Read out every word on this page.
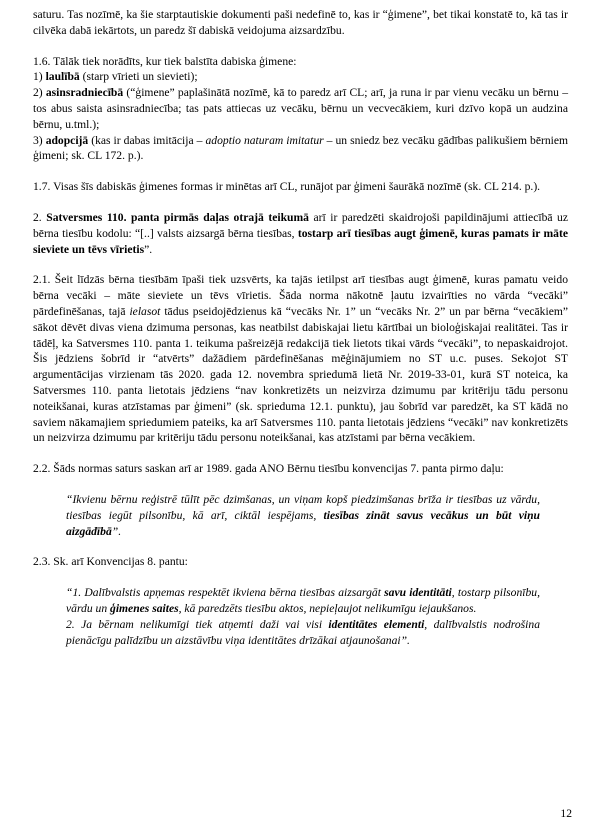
saturu. Tas nozīmē, ka šie starptautiskie dokumenti paši nedefinē to, kas ir “ģimene”, bet tikai konstatē to, kā tas ir cilvēka dabā iekārtots, un paredz šī dabiskā veidojuma aizsardzību.

1.6. Tālāk tiek norādīts, kur tiek balstīta dabiska ģimene:

1) laulībā (starp vīrieti un sievieti);

2) asinsradniecībā (“ģimene” paplašinātā nozīmē, kā to paredz arī CL; arī, ja runa ir par vienu vecāku un bērnu – tos abus saista asinsradniecība; tas pats attiecas uz vecāku, bērnu un vecvecākiem, kuri dzīvo kopā un audzina bērnu, u.tml.);

3) adopcijā (kas ir dabas imitācija – adoptio naturam imitatur – un sniedz bez vecāku gādības palikušiem bērniem ģimeni; sk. CL 172. p.).

1.7. Visas šīs dabiskās ģimenes formas ir minētas arī CL, runājot par ģimeni šaurākā nozīmē (sk. CL 214. p.).

2. Satversmes 110. panta pirmās daļas otrajā teikumā arī ir paredzēti skaidrojoši papildinājumi attiecībā uz bērna tiesību kodolu: “[..] valsts aizsargā bērna tiesības, tostarp arī tiesības augt ģimenē, kuras pamats ir māte sieviete un tēvs vīrietis”.

2.1. Šeit līdzās bērna tiesībām īpaši tiek uzsvērts, ka tajās ietilpst arī tiesības augt ģimenē, kuras pamatu veido bērna vecāki – māte sieviete un tēvs vīrietis. Šāda norma nākotnē ļautu izvairīties no vārda “vecāki” pārdefinēšanas, tajā ielasot tādus pseidojēdzienus kā “vecāks Nr. 1” un “vecāks Nr. 2” un par bērna “vecākiem” sākot dēvēt divas viena dzimuma personas, kas neatbilst dabiskajai lietu kārtībai un bioloģiskajai realitātei. Tas ir tādēļ, ka Satversmes 110. panta 1. teikuma pašreizējā redakcijā tiek lietots tikai vārds “vecāki”, to nepaskaidrojot. Šis jēdziens šobrīd ir “atvērts” dažādiem pārdefinēšanas mēģinājumiem no ST u.c. puses. Sekojot ST argumentācijas virzienam tās 2020. gada 12. novembra spriedumā lietā Nr. 2019-33-01, kurā ST noteica, ka Satversmes 110. panta lietotais jēdziens “nav konkretizēts un neizvirza dzimumu par kritēriju tādu personu noteikšanai, kuras atzīstamas par ģimeni” (sk. sprieduma 12.1. punktu), jau šobrīd var paredzēt, ka ST kādā no saviem nākamajiem spriedumiem pateiks, ka arī Satversmes 110. panta lietotais jēdziens “vecāki” nav konkretizēts un neizvirza dzimumu par kritēriju tādu personu noteikšanai, kas atzīstami par bērna vecākiem.

2.2. Šāds normas saturs saskan arī ar 1989. gada ANO Bērnu tiesību konvencijas 7. panta pirmo daļu:

“Ikvienu bērnu reģistrē tūlīt pēc dzimšanas, un viņam kopš piedzimšanas brīža ir tiesības uz vārdu, tiesības iegūt pilsonību, kā arī, ciktāl iespējams, tiesības zināt savus vecākus un būt viņu aizgādībā”.

2.3. Sk. arī Konvencijas 8. pantu:

“1. Dalībvalstis apņemas respektēt ikviena bērna tiesības aizsargāt savu identitāti, tostarp pilsonību, vārdu un ģimenes saites, kā paredzēts tiesību aktos, nepieļaujot nelikumīgu iejaukšanos.

2. Ja bērnam nelikumīgi tiek atņemti daži vai visi identitātes elementi, dalībvalstis nodrošina pienācīgu palīdzību un aizstāvību viņa identitātes drīzākai atjaunošanai”.

12
